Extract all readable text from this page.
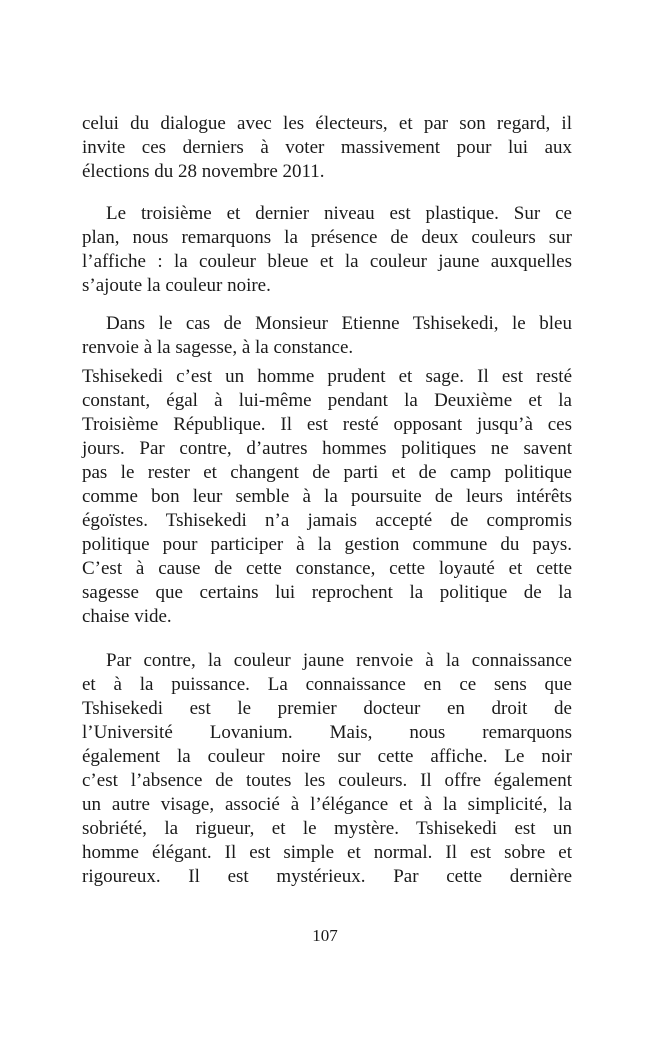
celui du dialogue avec les électeurs, et par son regard, il
invite ces derniers à voter massivement pour lui aux
élections du 28 novembre 2011.
Le troisième et dernier niveau est plastique. Sur ce
plan, nous remarquons la présence de deux couleurs sur
l’affiche : la couleur bleue et la couleur jaune auxquelles
s’ajoute la couleur noire.
Dans le cas de Monsieur Etienne Tshisekedi, le bleu
renvoie à la sagesse, à la constance.
Tshisekedi c’est un homme prudent et sage. Il est resté
constant, égal à lui-même pendant la Deuxième et la
Troisième République. Il est resté opposant jusqu’à ces
jours. Par contre, d’autres hommes politiques ne savent
pas le rester et changent de parti et de camp politique
comme bon leur semble à la poursuite de leurs intérêts
égoïstes. Tshisekedi n’a jamais accepté de compromis
politique pour participer à la gestion commune du pays.
C’est à cause de cette constance, cette loyauté et cette
sagesse que certains lui reprochent la politique de la
chaise vide.
Par contre, la couleur jaune renvoie à la connaissance
et à la puissance. La connaissance en ce sens que
Tshisekedi est le premier docteur en droit de
l’Université Lovanium. Mais, nous remarquons
également la couleur noire sur cette affiche. Le noir
c’est l’absence de toutes les couleurs. Il offre également
un autre visage, associé à l’élégance et à la simplicité, la
sobriété, la rigueur, et le mystère. Tshisekedi est un
homme élégant. Il est simple et normal. Il est sobre et
rigoureux. Il est mystérieux. Par cette dernière
107
